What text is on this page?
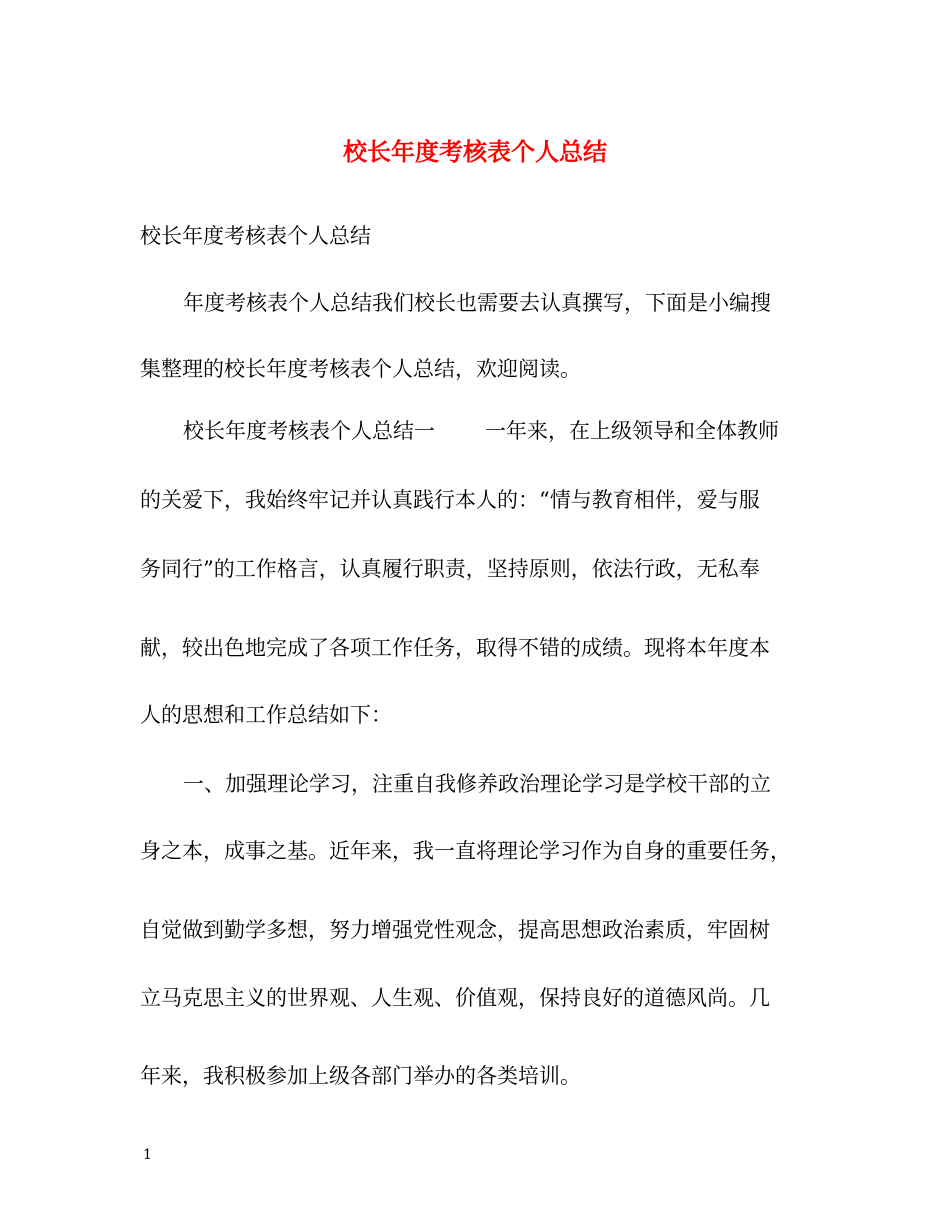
校长年度考核表个人总结

校长年度考核表个人总结

年度考核表个人总结我们校长也需要去认真撰写，下面是小编搜

集整理的校长年度考核表个人总结，欢迎阅读。

校长年度考核表个人总结一 一年来，在上级领导和全体教师

的关爱下，我始终牢记并认真践行本人的：“情与教育相伴，爱与服

务同行”的工作格言，认真履行职责，坚持原则，依法行政，无私奉

献，较出色地完成了各项工作任务，取得不错的成绩。现将本年度本

人的思想和工作总结如下：

一、加强理论学习，注重自我修养政治理论学习是学校干部的立

身之本，成事之基。近年来，我一直将理论学习作为自身的重要任务，

自觉做到勤学多想，努力增强党性观念，提高思想政治素质，牢固树

立马克思主义的世界观、人生观、价值观，保持良好的道德风尚。几

年来，我积极参加上级各部门举办的各类培训。

1
